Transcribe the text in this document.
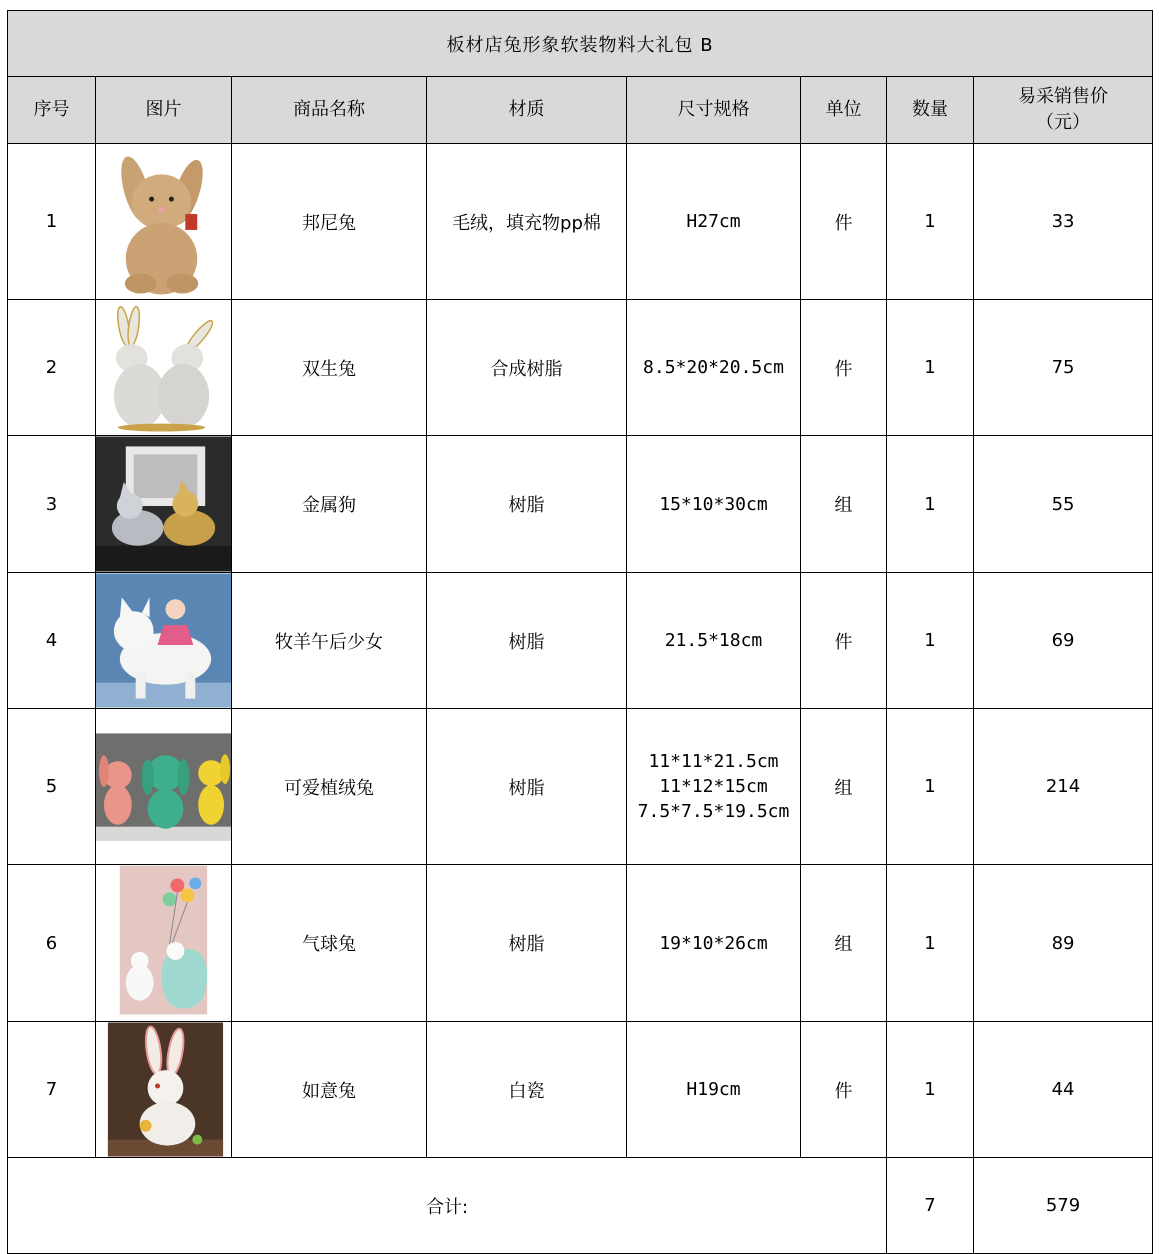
板材店兔形象软装物料大礼包 B							
序号	图片	商品名称	材质	尺寸规格	单位	数量	易采销售价
（元）

1		邦尼兔	毛绒，填充物pp棉	H27cm	件	1	33
2		双生兔	合成树脂	8.5*20*20.5cm	件	1	75
3		金属狗	树脂	15*10*30cm	组	1	55
4		牧羊午后少女	树脂	21.5*18cm	件	1	69
5		可爱植绒兔	树脂	11*11*21.5cm
11*12*15cm
7.5*7.5*19.5cm	组	1	214
6		气球兔	树脂	19*10*26cm	组	1	89
7		如意兔	白瓷	H19cm	件	1	44
合计:						7	579
